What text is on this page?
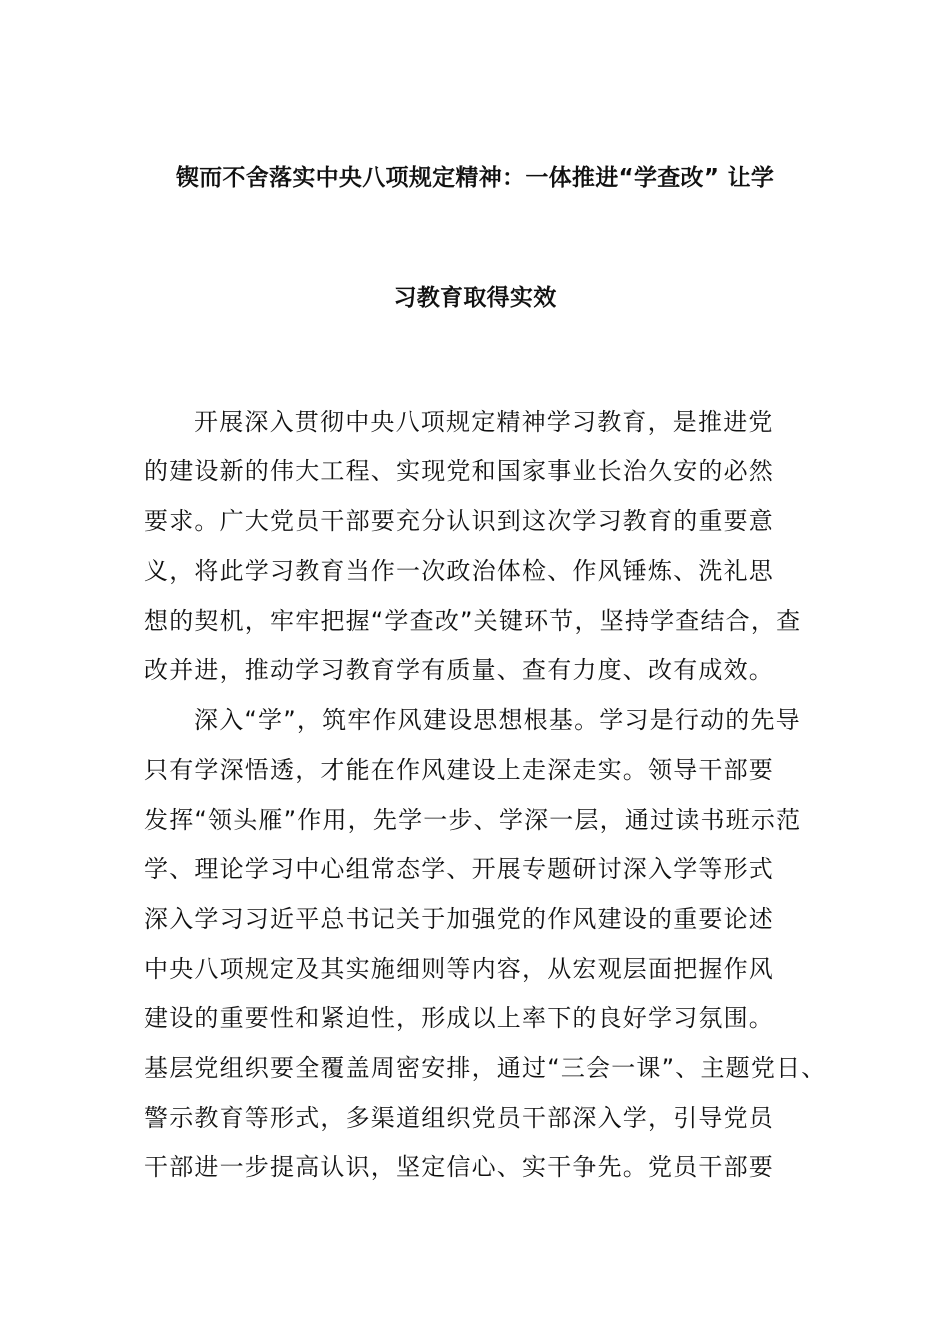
锲而不舍落实中央八项规定精神：一体推进“学查改” 让学
习教育取得实效
开展深入贯彻中央八项规定精神学习教育，是推进党
的建设新的伟大工程、实现党和国家事业长治久安的必然
要求。广大党员干部要充分认识到这次学习教育的重要意
义，将此学习教育当作一次政治体检、作风锤炼、洗礼思
想的契机，牢牢把握“学查改”关键环节，坚持学查结合，查
改并进，推动学习教育学有质量、查有力度、改有成效。
深入“学”，筑牢作风建设思想根基。学习是行动的先导
只有学深悟透，才能在作风建设上走深走实。领导干部要
发挥“领头雁”作用，先学一步、学深一层，通过读书班示范
学、理论学习中心组常态学、开展专题研讨深入学等形式
深入学习习近平总书记关于加强党的作风建设的重要论述
中央八项规定及其实施细则等内容，从宏观层面把握作风
建设的重要性和紧迫性，形成以上率下的良好学习氛围。
基层党组织要全覆盖周密安排，通过“三会一课”、主题党日、
警示教育等形式，多渠道组织党员干部深入学，引导党员
干部进一步提高认识，坚定信心、实干争先。党员干部要
